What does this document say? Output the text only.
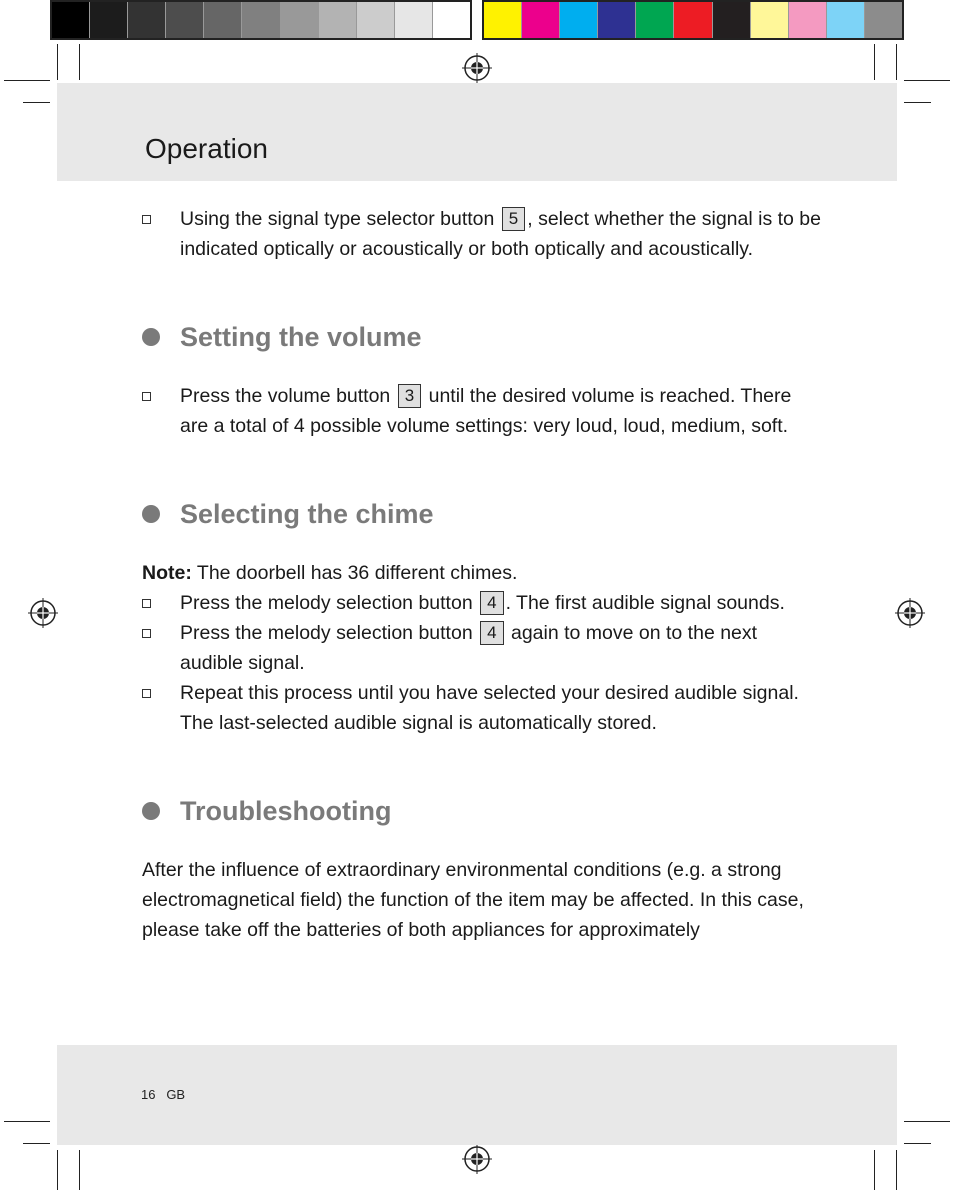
Operation
Using the signal type selector button 5 , select whether the signal is to be indicated optically or acoustically or both optically and acoustically.
Setting the volume
Press the volume button 3 until the desired volume is reached. There are a total of 4 possible volume settings: very loud, loud, medium, soft.
Selecting the chime
Note: The doorbell has 36 different chimes.
Press the melody selection button 4 . The first audible signal sounds.
Press the melody selection button 4 again to move on to the next audible signal.
Repeat this process until you have selected your desired audible signal. The last-selected audible signal is automatically stored.
Troubleshooting
After the influence of extraordinary environmental conditions (e.g. a strong electromagnetical field) the function of the item may be affected. In this case, please take off the batteries of both appliances for approximately
16 GB
